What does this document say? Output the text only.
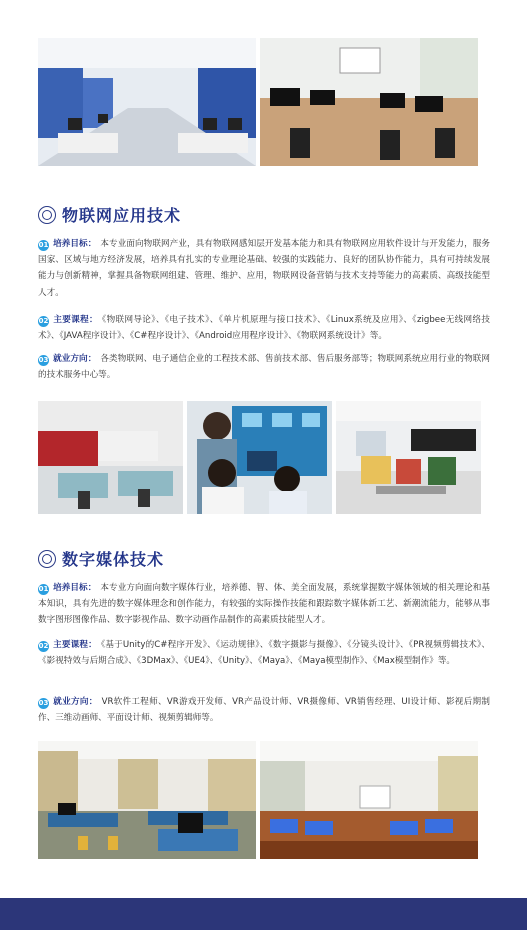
物联网应用技术
01 培养目标： 本专业面向物联网产业，具有物联网感知层开发基本能力和具有物联网应用软件设计与开发能力，服务国家、区域与地方经济发展，培养具有扎实的专业理论基础、较强的实践能力、良好的团队协作能力，具有可持续发展能力与创新精神，掌握具备物联网组建、管理、维护、应用，物联网设备营销与技术支持等能力的高素质、高级技能型人才。
02 主要课程： 《物联网导论》、《电子技术》、《单片机原理与接口技术》、《Linux系统及应用》、《zigbee无线网络技术》、《JAVA程序设计》、《C#程序设计》、《Android应用程序设计》、《物联网系统设计》等。
03 就业方向： 各类物联网、电子通信企业的工程技术部、售前技术部、售后服务部等；物联网系统应用行业的物联网的技术服务中心等。
数字媒体技术
01 培养目标： 本专业方向面向数字媒体行业，培养德、智、体、美全面发展，系统掌握数字媒体领域的相关理论和基本知识，具有先进的数字媒体理念和创作能力，有较强的实际操作技能和跟踪数字媒体新工艺、新潮流能力，能够从事数字图形图像作品、数字影视作品、数字动画作品制作的高素质技能型人才。
02 主要课程： 《基于Unity的C#程序开发》、《运动规律》、《数字摄影与摄像》、《分镜头设计》、《PR视频剪辑技术》、《影视特效与后期合成》、《3DMax》、《UE4》、《Unity》、《Maya》、《Maya模型制作》、《Max模型制作》等。
03 就业方向： VR软件工程师、VR游戏开发师、VR产品设计师、VR摄像师、VR销售经理、UI设计师、影视后期制作、三维动画师、平面设计师、视频剪辑师等。
